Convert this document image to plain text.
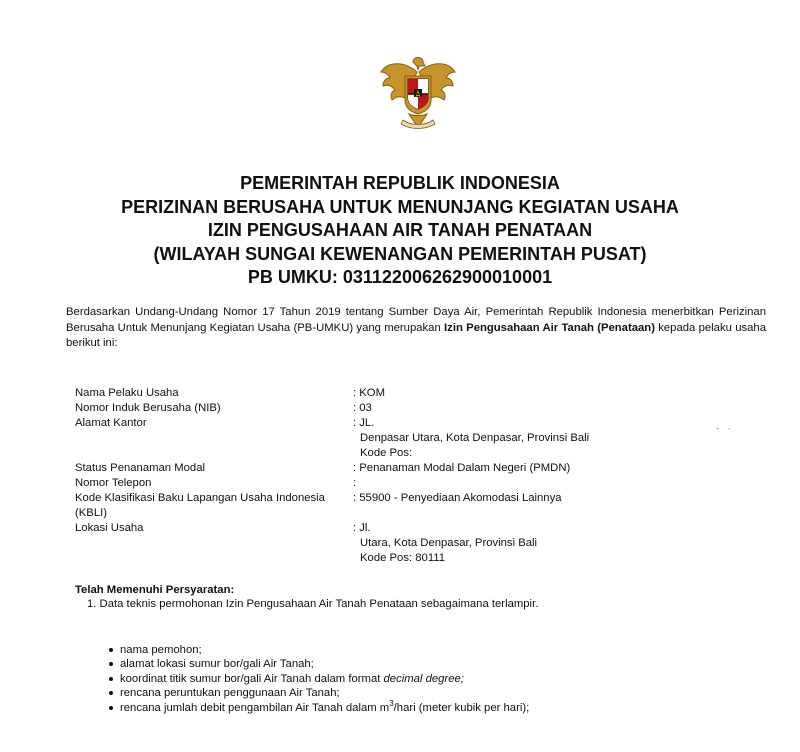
PEMERINTAH REPUBLIK INDONESIA
PERIZINAN BERUSAHA UNTUK MENUNJANG KEGIATAN USAHA
IZIN PENGUSAHAAN AIR TANAH PENATAAN
(WILAYAH SUNGAI KEWENANGAN PEMERINTAH PUSAT)
PB UMKU: 031122006262900010001
Berdasarkan Undang-Undang Nomor 17 Tahun 2019 tentang Sumber Daya Air, Pemerintah Republik Indonesia menerbitkan Perizinan Berusaha Untuk Menunjang Kegiatan Usaha (PB-UMKU) yang merupakan Izin Pengusahaan Air Tanah (Penataan) kepada pelaku usaha berikut ini:
Nama Pelaku Usaha	: KOM
Nomor Induk Berusaha (NIB)	: 03
Alamat Kantor	: JL.
Denpasar Utara, Kota Denpasar, Provinsi Bali
Kode Pos:
Status Penanaman Modal	: Penanaman Modal Dalam Negeri (PMDN)
Nomor Telepon	:
Kode Klasifikasi Baku Lapangan Usaha Indonesia
(KBLI)
: 55900 - Penyediaan Akomodasi Lainnya
Lokasi Usaha	: Jl.
Utara, Kota Denpasar, Provinsi Bali
Kode Pos: 80111
- ·
Telah Memenuhi Persyaratan:
1. Data teknis permohonan Izin Pengusahaan Air Tanah Penataan sebagaimana terlampir.
nama pemohon;
alamat lokasi sumur bor/gali Air Tanah;
koordinat titik sumur bor/gali Air Tanah dalam format decimal degree;
rencana peruntukan penggunaan Air Tanah;
rencana jumlah debit pengambilan Air Tanah dalam $m^3$/hari (meter kubik per hari);
